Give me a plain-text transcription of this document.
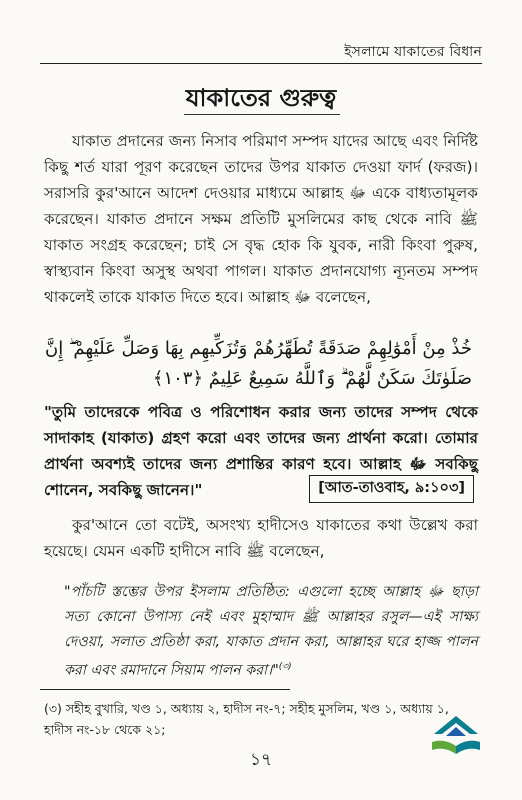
ইসলামে যাকাতের বিধান
যাকাতের গুরুত্ব

যাকাত প্রদানের জন্য নিসাব পরিমাণ সম্পদ যাদের আছে এবং নির্দিষ্ট কিছু শর্ত যারা পূরণ করেছেন তাদের উপর যাকাত দেওয়া ফার্দ (ফরজ)। সরাসরি কুর'আনে আদেশ দেওয়ার মাধ্যমে আল্লাহ ﷻ একে বাধ্যতামূলক করেছেন। যাকাত প্রদানে সক্ষম প্রতিটি মুসলিমের কাছ থেকে নাবি ﷺ যাকাত সংগ্রহ করেছেন; চাই সে বৃদ্ধ হোক কি যুবক, নারী কিংবা পুরুষ, স্বাস্থ্যবান কিংবা অসুস্থ অথবা পাগল। যাকাত প্রদানযোগ্য ন্যূনতম সম্পদ থাকলেই তাকে যাকাত দিতে হবে। আল্লাহ ﷻ বলেছেন,

خُذْ مِنْ أَمْوَٰلِهِمْ صَدَقَةً تُطَهِّرُهُمْ وَتُزَكِّيهِم بِهَا وَصَلِّ عَلَيْهِمْ ۖ إِنَّ صَلَوٰتَكَ سَكَنٌ لَّهُمْ ۗ وَٱللَّهُ سَمِيعٌ عَلِيمٌ ﴿١٠٣﴾
"তুমি তাদেরকে পবিত্র ও পরিশোধন করার জন্য তাদের সম্পদ থেকে সাদাকাহ (যাকাত) গ্রহণ করো এবং তাদের জন্য প্রার্থনা করো। তোমার প্রার্থনা অবশ্যই তাদের জন্য প্রশান্তির কারণ হবে। আল্লাহ ﷻ সবকিছু শোনেন, সবকিছু জানেন।"	[আত-তাওবাহ, ৯:১০৩]

কুর'আনে তো বটেই, অসংখ্য হাদীসেও যাকাতের কথা উল্লেখ করা হয়েছে। যেমন একটি হাদীসে নাবি ﷺ বলেছেন,

"পাঁচটি স্তম্ভের উপর ইসলাম প্রতিষ্ঠিত: এগুলো হচ্ছে আল্লাহ ﷻ ছাড়া সত্য কোনো উপাস্য নেই এবং মুহাম্মাদ ﷺ আল্লাহর রসুল—এই সাক্ষ্য দেওয়া, সলাত প্রতিষ্ঠা করা, যাকাত প্রদান করা, আল্লাহর ঘরে হাজ্জ পালন করা এবং রমাদানে সিয়াম পালন করা।"$^{(৩)}$
(৩) সহীহ বুখারি, খণ্ড ১, অধ্যায় ২, হাদীস নং-৭; সহীহ মুসলিম, খণ্ড ১, অধ্যায় ১, হাদীস নং-১৮ থেকে ২১;
১৭
